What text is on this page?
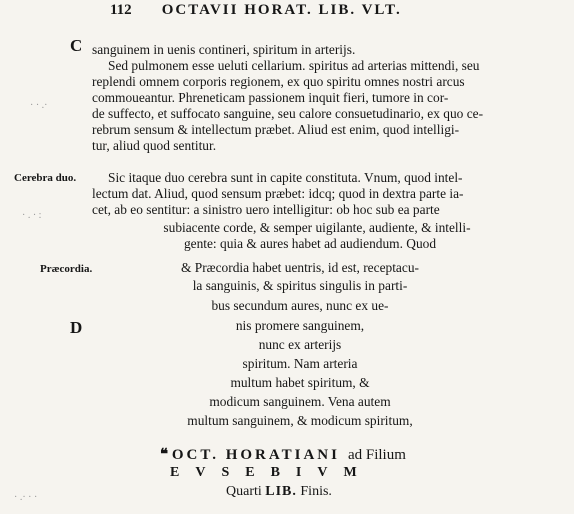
112 OCTAVII HORAT. LIB. VLT.
C
D
Cerebra duo.
Præcordia.
· · .·
· . · :
· .· · ·
sanguinem in uenis contineri, spiritum in arterijs.
Sed pulmonem esse ueluti cellarium. spiritus ad arterias mittendi, seu
replendi omnem corporis regionem, ex quo spiritu omnes nostri arcus
commoueantur. Phreneticam passionem inquit fieri, tumore in cor-
de suffecto, et suffocato sanguine, seu calore consuetudinario, ex quo ce-
rebrum sensum & intellectum præbet. Aliud est enim, quod intelligi-
tur, aliud quod sentitur.
Sic itaque duo cerebra sunt in capite constituta. Vnum, quod intel-
lectum dat. Aliud, quod sensum præbet: idcq; quod in dextra parte ia-
cet, ab eo sentitur: a sinistro uero intelligitur: ob hoc sub ea parte
subiacente corde, & semper uigilante, audiente, & intelli-
gente: quia & aures habet ad audiendum. Quod
& Præcordia habet uentris, id est, receptacu-
la sanguinis, & spiritus singulis in parti-
bus secundum aures, nunc ex ue-
nis promere sanguinem,
nunc ex arterijs
spiritum. Nam arteria
multum habet spiritum, &
modicum sanguinem. Vena autem
multum sanguinem, & modicum spiritum,
❝ OCT. HORATIANI ad Filium
EVSEBIVM
Quarti LIB. Finis.
